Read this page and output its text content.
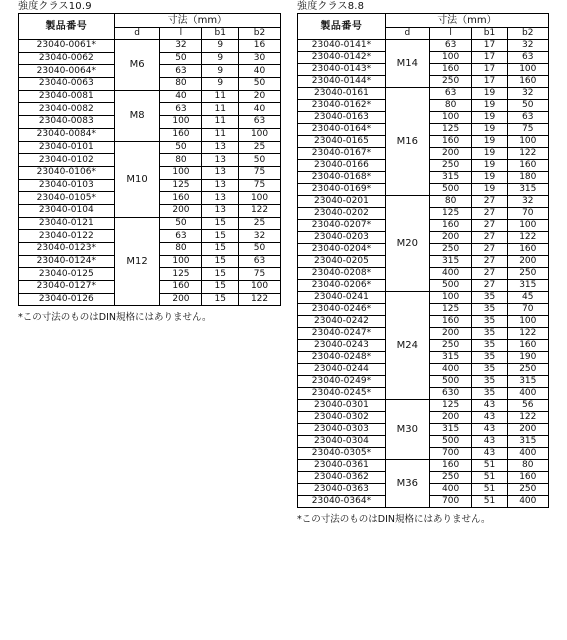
強度クラス10.9
製品番号	寸法（mm）			
	d	l	b1	b2
23040-0061*	M6	32	9	16
23040-0062		50	9	30
23040-0064*		63	9	40
23040-0063		80	9	50
23040-0081	M8	40	11	20
23040-0082		63	11	40
23040-0083		100	11	63
23040-0084*		160	11	100
23040-0101	M10	50	13	25
23040-0102		80	13	50
23040-0106*		100	13	75
23040-0103		125	13	75
23040-0105*		160	13	100
23040-0104		200	13	122
23040-0121	M12	50	15	25
23040-0122		63	15	32
23040-0123*		80	15	50
23040-0124*		100	15	63
23040-0125		125	15	75
23040-0127*		160	15	100
23040-0126		200	15	122
*この寸法のものはDIN規格にはありません。
強度クラス8.8
製品番号	寸法（mm）			
	d	l	b1	b2
23040-0141*	M14	63	17	32
23040-0142*		100	17	63
23040-0143*		160	17	100
23040-0144*		250	17	160
23040-0161	M16	63	19	32
23040-0162*		80	19	50
23040-0163		100	19	63
23040-0164*		125	19	75
23040-0165		160	19	100
23040-0167*		200	19	122
23040-0166		250	19	160
23040-0168*		315	19	180
23040-0169*		500	19	315
23040-0201	M20	80	27	32
23040-0202		125	27	70
23040-0207*		160	27	100
23040-0203		200	27	122
23040-0204*		250	27	160
23040-0205		315	27	200
23040-0208*		400	27	250
23040-0206*		500	27	315
23040-0241	M24	100	35	45
23040-0246*		125	35	70
23040-0242		160	35	100
23040-0247*		200	35	122
23040-0243		250	35	160
23040-0248*		315	35	190
23040-0244		400	35	250
23040-0249*		500	35	315
23040-0245*		630	35	400
23040-0301	M30	125	43	56
23040-0302		200	43	122
23040-0303		315	43	200
23040-0304		500	43	315
23040-0305*		700	43	400
23040-0361	M36	160	51	80
23040-0362		250	51	160
23040-0363		400	51	250
23040-0364*		700	51	400
*この寸法のものはDIN規格にはありません。
